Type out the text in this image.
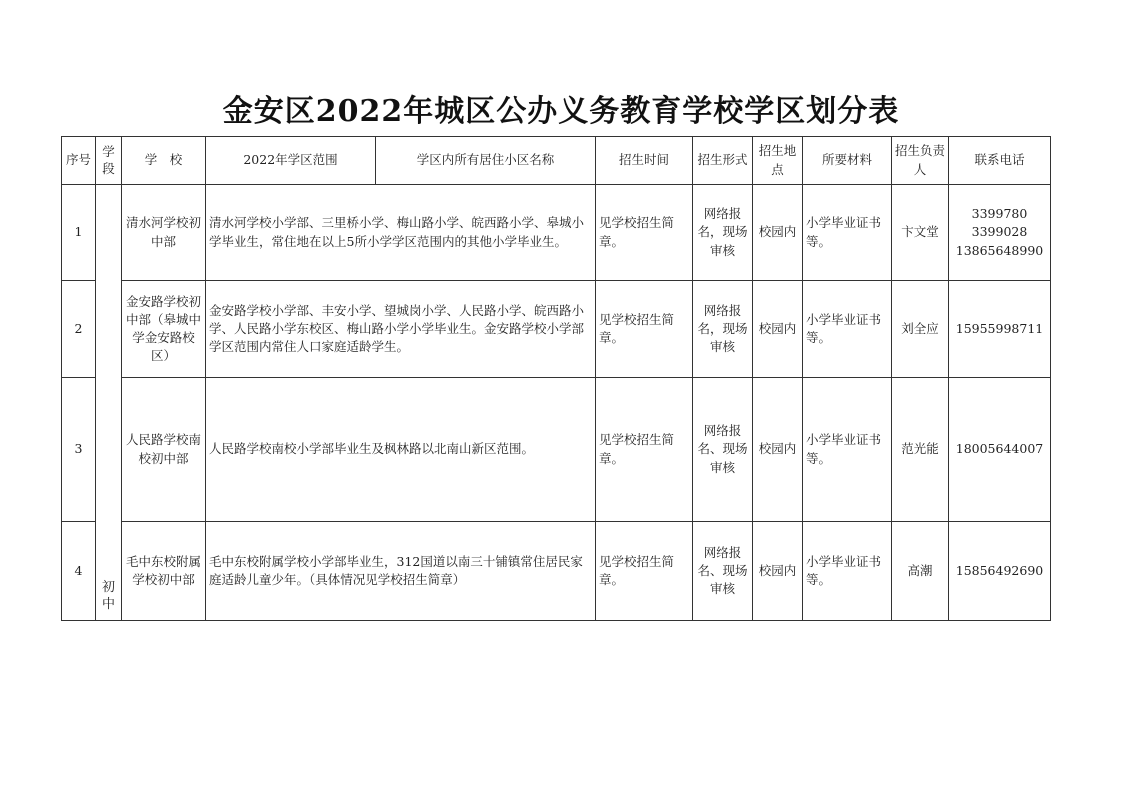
金安区2022年城区公办义务教育学校学区划分表
序号	学段	学　校	2022年学区范围	学区内所有居住小区名称	招生时间	招生形式	招生地点	所要材料	招生负责人	联系电话
1	初中	清水河学校初中部	清水河学校小学部、三里桥小学、梅山路小学、皖西路小学、皋城小学毕业生，常住地在以上5所小学学区范围内的其他小学毕业生。		见学校招生简章。	网络报名，现场审核	校园内	小学毕业证书等。	卞文堂	3399780
3399028
13865648990

2		金安路学校初中部（皋城中学金安路校区）	金安路学校小学部、丰安小学、望城岗小学、人民路小学、皖西路小学、人民路小学东校区、梅山路小学小学毕业生。金安路学校小学部学区范围内常住人口家庭适龄学生。		见学校招生简章。	网络报名，现场审核	校园内	小学毕业证书等。	刘全应	15955998711

3		人民路学校南校初中部	人民路学校南校小学部毕业生及枫林路以北南山新区范围。		见学校招生简章。	网络报名、现场审核	校园内	小学毕业证书等。	范光能	18005644007

4		毛中东校附属学校初中部	毛中东校附属学校小学部毕业生，312国道以南三十铺镇常住居民家庭适龄儿童少年。（具体情况见学校招生简章）		见学校招生简章。	网络报名、现场审核	校园内	小学毕业证书等。	高潮	15856492690
